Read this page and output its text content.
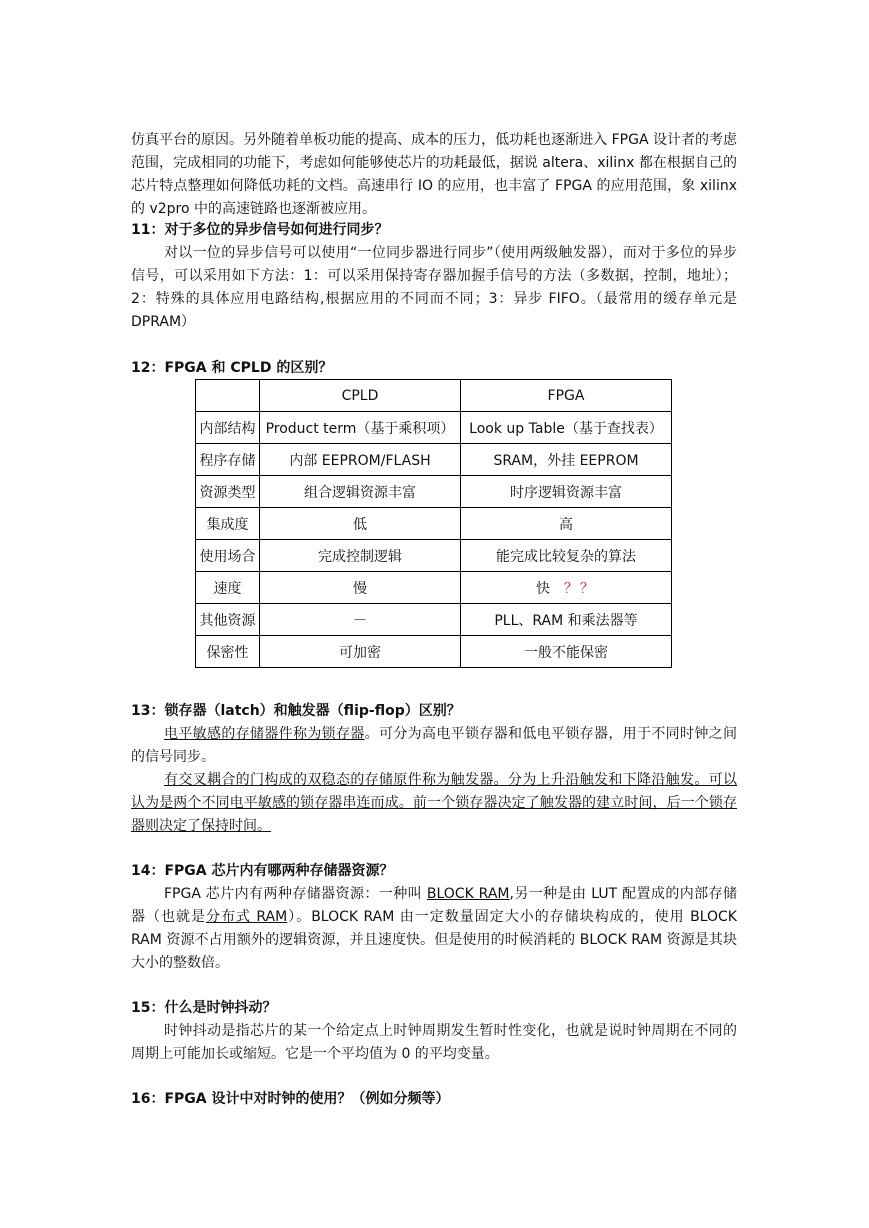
仿真平台的原因。另外随着单板功能的提高、成本的压力，低功耗也逐渐进入 FPGA 设计者的考虑范围，完成相同的功能下，考虑如何能够使芯片的功耗最低，据说 altera、xilinx 都在根据自己的芯片特点整理如何降低功耗的文档。高速串行 IO 的应用，也丰富了 FPGA 的应用范围，象 xilinx 的 v2pro 中的高速链路也逐渐被应用。

11：对于多位的异步信号如何进行同步？

对以一位的异步信号可以使用“一位同步器进行同步”（使用两级触发器），而对于多位的异步信号，可以采用如下方法：1：可以采用保持寄存器加握手信号的方法（多数据，控制，地址）；2：特殊的具体应用电路结构,根据应用的不同而不同；3：异步 FIFO。（最常用的缓存单元是 DPRAM）

12：FPGA 和 CPLD 的区别？

	CPLD	FPGA
内部结构	Product term（基于乘积项）	Look up Table（基于查找表）
程序存储	内部 EEPROM/FLASH	SRAM，外挂 EEPROM
资源类型	组合逻辑资源丰富	时序逻辑资源丰富
集成度	低	高
使用场合	完成控制逻辑	能完成比较复杂的算法
速度	慢	快 ？？
其他资源	－	PLL、RAM 和乘法器等
保密性	可加密	一般不能保密

13：锁存器（latch）和触发器（flip-flop）区别？

电平敏感的存储器件称为锁存器。可分为高电平锁存器和低电平锁存器，用于不同时钟之间的信号同步。

有交叉耦合的门构成的双稳态的存储原件称为触发器。分为上升沿触发和下降沿触发。可以认为是两个不同电平敏感的锁存器串连而成。前一个锁存器决定了触发器的建立时间，后一个锁存器则决定了保持时间。

14：FPGA 芯片内有哪两种存储器资源？

FPGA 芯片内有两种存储器资源：一种叫 BLOCK RAM,另一种是由 LUT 配置成的内部存储器（也就是分布式 RAM）。BLOCK RAM 由一定数量固定大小的存储块构成的，使用 BLOCK RAM 资源不占用额外的逻辑资源，并且速度快。但是使用的时候消耗的 BLOCK RAM 资源是其块大小的整数倍。

15：什么是时钟抖动？

时钟抖动是指芯片的某一个给定点上时钟周期发生暂时性变化，也就是说时钟周期在不同的周期上可能加长或缩短。它是一个平均值为 0 的平均变量。

16：FPGA 设计中对时钟的使用？（例如分频等）
